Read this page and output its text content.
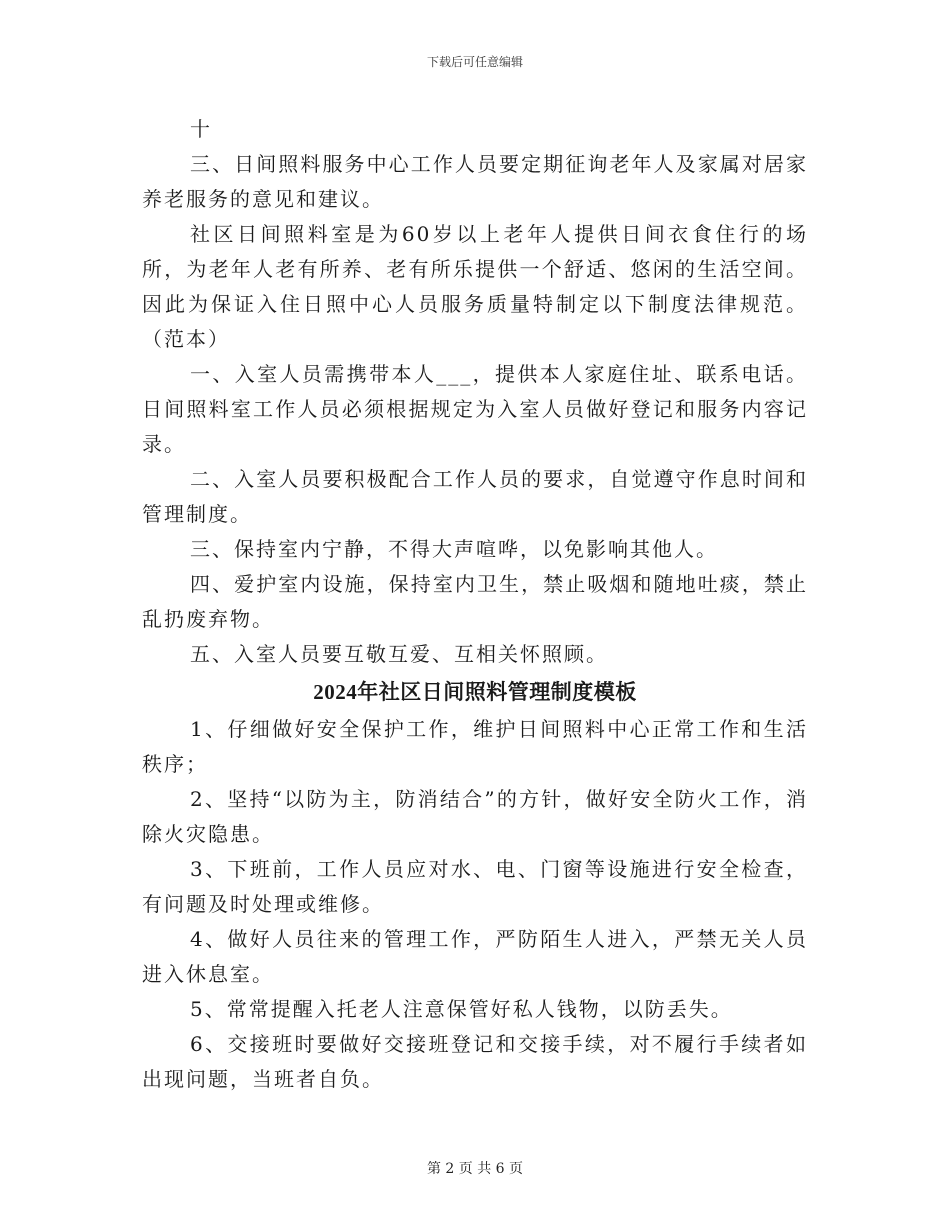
下载后可任意编辑

十

三、日间照料服务中心工作人员要定期征询老年人及家属对居家养老服务的意见和建议。

社区日间照料室是为60岁以上老年人提供日间衣食住行的场所，为老年人老有所养、老有所乐提供一个舒适、悠闲的生活空间。因此为保证入住日照中心人员服务质量特制定以下制度法律规范。（范本）

一、入室人员需携带本人___，提供本人家庭住址、联系电话。日间照料室工作人员必须根据规定为入室人员做好登记和服务内容记录。

二、入室人员要积极配合工作人员的要求，自觉遵守作息时间和管理制度。

三、保持室内宁静，不得大声喧哗，以免影响其他人。

四、爱护室内设施，保持室内卫生，禁止吸烟和随地吐痰，禁止乱扔废弃物。

五、入室人员要互敬互爱、互相关怀照顾。

2024年社区日间照料管理制度模板

1、仔细做好安全保护工作，维护日间照料中心正常工作和生活秩序；

2、坚持“以防为主，防消结合”的方针，做好安全防火工作，消除火灾隐患。

3、下班前，工作人员应对水、电、门窗等设施进行安全检查，有问题及时处理或维修。

4、做好人员往来的管理工作，严防陌生人进入，严禁无关人员进入休息室。

5、常常提醒入托老人注意保管好私人钱物，以防丢失。

6、交接班时要做好交接班登记和交接手续，对不履行手续者如出现问题，当班者自负。

第 2 页 共 6 页
